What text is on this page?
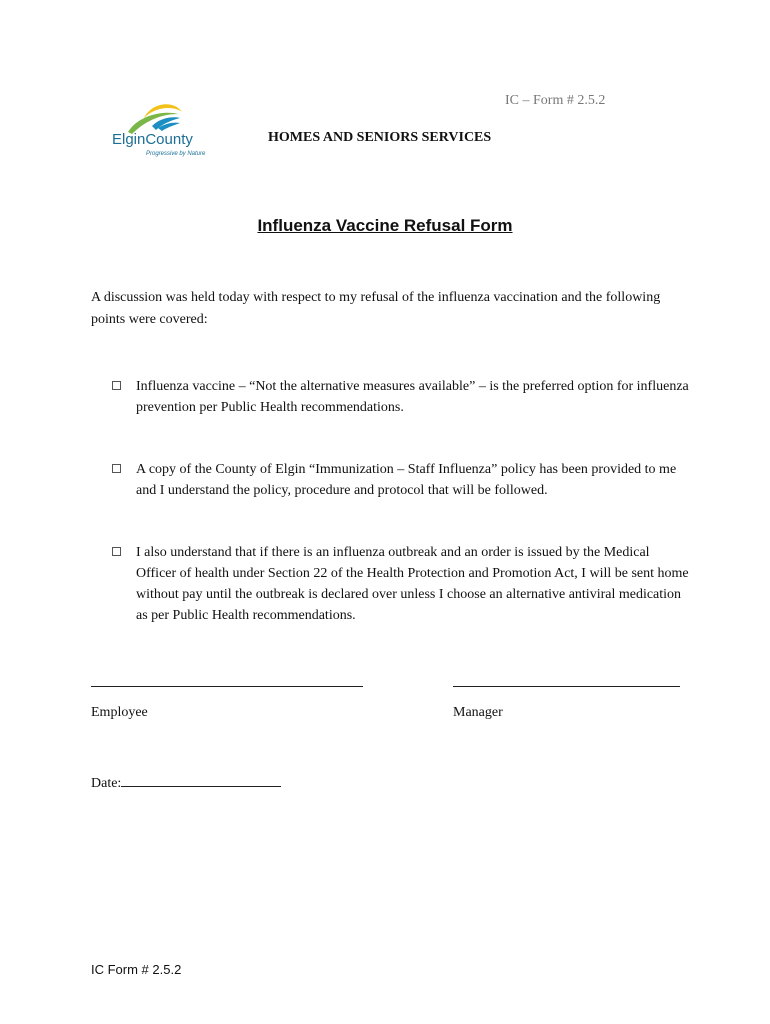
IC – Form # 2.5.2
ElginCounty
Progressive by Nature
HOMES AND SENIORS SERVICES
Influenza Vaccine Refusal Form
A discussion was held today with respect to my refusal of the influenza vaccination and the following points were covered:
Influenza vaccine – “Not the alternative measures available” – is the preferred option for influenza prevention per Public Health recommendations.
A copy of the County of Elgin “Immunization – Staff Influenza” policy has been provided to me and I understand the policy, procedure and protocol that will be followed.
I also understand that if there is an influenza outbreak and an order is issued by the Medical Officer of health under Section 22 of the Health Protection and Promotion Act, I will be sent home without pay until the outbreak is declared over unless I choose an alternative antiviral medication as per Public Health recommendations.
Employee	Manager
Date:
IC Form # 2.5.2
